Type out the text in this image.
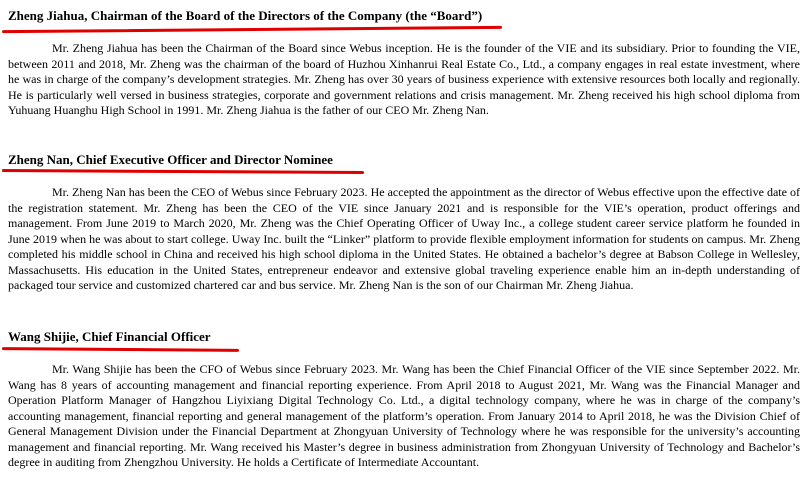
Zheng Jiahua, Chairman of the Board of the Directors of the Company (the “Board”)

Mr. Zheng Jiahua has been the Chairman of the Board since Webus inception. He is the founder of the VIE and its subsidiary. Prior to founding the VIE, between 2011 and 2018, Mr. Zheng was the chairman of the board of Huzhou Xinhanrui Real Estate Co., Ltd., a company engages in real estate investment, where he was in charge of the company’s development strategies. Mr. Zheng has over 30 years of business experience with extensive resources both locally and regionally. He is particularly well versed in business strategies, corporate and government relations and crisis management. Mr. Zheng received his high school diploma from Yuhuang Huanghu High School in 1991. Mr. Zheng Jiahua is the father of our CEO Mr. Zheng Nan.

Zheng Nan, Chief Executive Officer and Director Nominee

Mr. Zheng Nan has been the CEO of Webus since February 2023. He accepted the appointment as the director of Webus effective upon the effective date of the registration statement. Mr. Zheng has been the CEO of the VIE since January 2021 and is responsible for the VIE’s operation, product offerings and management. From June 2019 to March 2020, Mr. Zheng was the Chief Operating Officer of Uway Inc., a college student career service platform he founded in June 2019 when he was about to start college. Uway Inc. built the “Linker” platform to provide flexible employment information for students on campus. Mr. Zheng completed his middle school in China and received his high school diploma in the United States. He obtained a bachelor’s degree at Babson College in Wellesley, Massachusetts. His education in the United States, entrepreneur endeavor and extensive global traveling experience enable him an in-depth understanding of packaged tour service and customized chartered car and bus service. Mr. Zheng Nan is the son of our Chairman Mr. Zheng Jiahua.

Wang Shijie, Chief Financial Officer

Mr. Wang Shijie has been the CFO of Webus since February 2023. Mr. Wang has been the Chief Financial Officer of the VIE since September 2022. Mr. Wang has 8 years of accounting management and financial reporting experience. From April 2018 to August 2021, Mr. Wang was the Financial Manager and Operation Platform Manager of Hangzhou Liyixiang Digital Technology Co. Ltd., a digital technology company, where he was in charge of the company’s accounting management, financial reporting and general management of the platform’s operation. From January 2014 to April 2018, he was the Division Chief of General Management Division under the Financial Department at Zhongyuan University of Technology where he was responsible for the university’s accounting management and financial reporting. Mr. Wang received his Master’s degree in business administration from Zhongyuan University of Technology and Bachelor’s degree in auditing from Zhengzhou University. He holds a Certificate of Intermediate Accountant.
